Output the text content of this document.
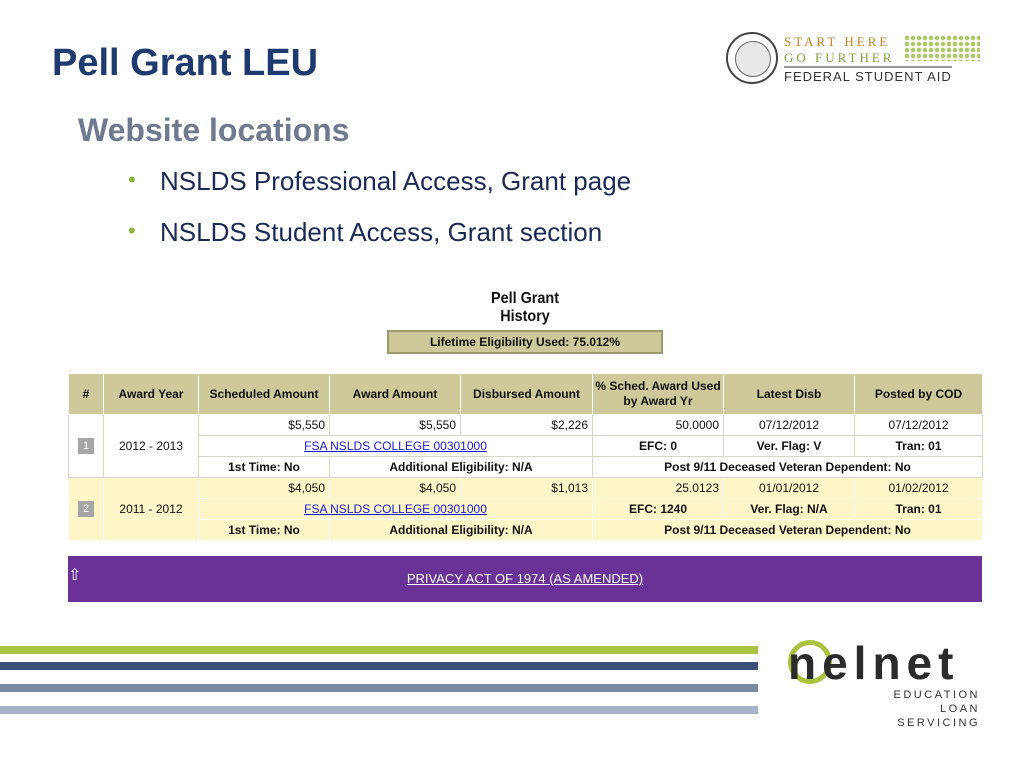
Pell Grant LEU
Website locations
• NSLDS Professional Access, Grant page
• NSLDS Student Access, Grant section
START HERE
GO FURTHER
FEDERAL STUDENT AID
Pell Grant History
Lifetime Eligibility Used: 75.012%
#	Award Year	Scheduled Amount	Award Amount	Disbursed Amount	% Sched. Award Used by Award Yr	Latest Disb	Posted by COD
1	2012 - 2013	$5,550	$5,550	$2,226	50.0000	07/12/2012	07/12/2012
		FSA NSLDS COLLEGE 00301000			EFC: 0	Ver. Flag: V	Tran: 01
		1st Time: No	Additional Eligibility: N/A		Post 9/11 Deceased Veteran Dependent: No		
2	2011 - 2012	$4,050	$4,050	$1,013	25.0123	01/01/2012	01/02/2012
		FSA NSLDS COLLEGE 00301000			EFC: 1240	Ver. Flag: N/A	Tran: 01
		1st Time: No	Additional Eligibility: N/A		Post 9/11 Deceased Veteran Dependent: No		
⇧	PRIVACY ACT OF 1974 (AS AMENDED)
nelnet
EDUCATION LOAN
SERVICING
